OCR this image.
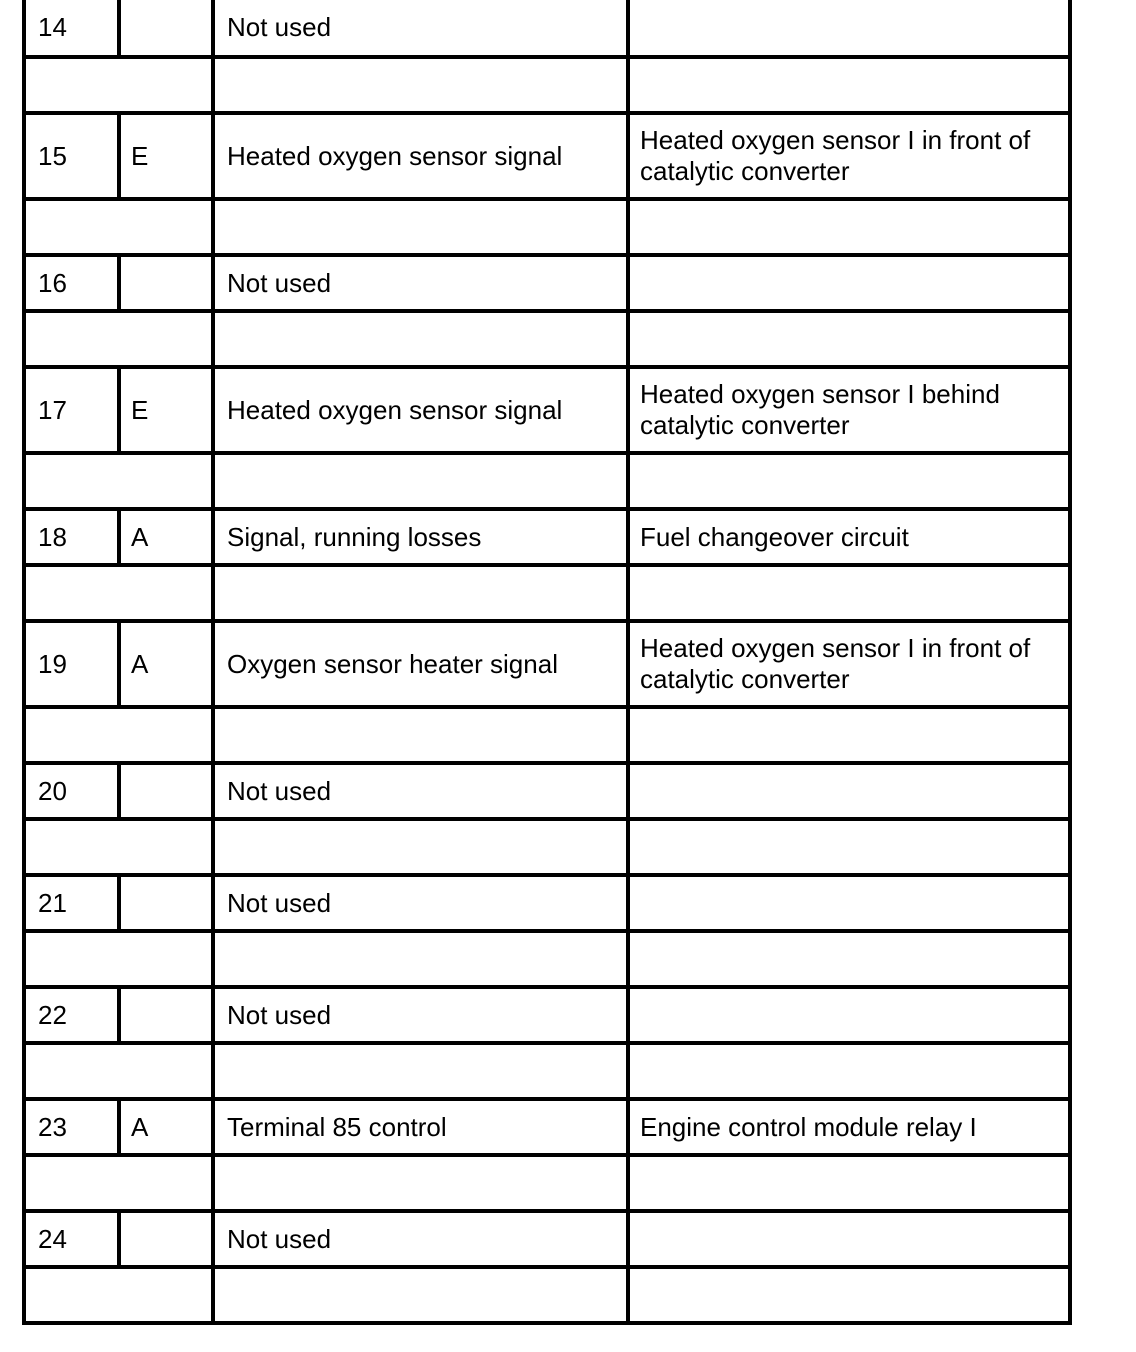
14		Not used	

15	E	Heated oxygen sensor signal	Heated oxygen sensor I in front of catalytic converter

16		Not used	

17	E	Heated oxygen sensor signal	Heated oxygen sensor I behind catalytic converter

18	A	Signal, running losses	Fuel changeover circuit

19	A	Oxygen sensor heater signal	Heated oxygen sensor I in front of catalytic converter

20		Not used	

21		Not used	

22		Not used	

23	A	Terminal 85 control	Engine control module relay I

24		Not used	
